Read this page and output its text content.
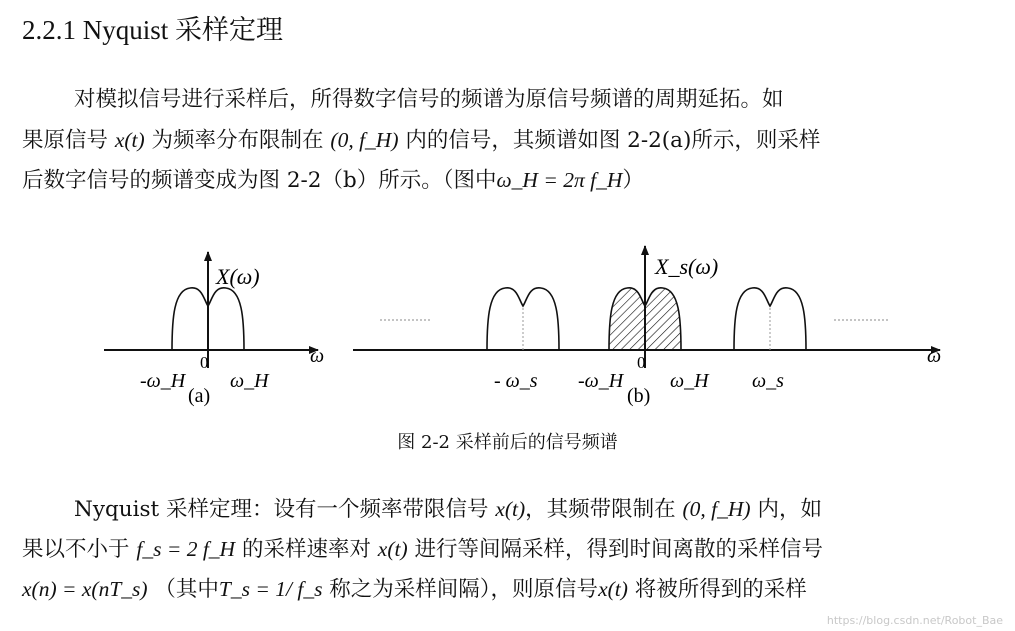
2.2.1 Nyquist 采样定理
对模拟信号进行采样后，所得数字信号的频谱为原信号频谱的周期延拓。如
果原信号 x(t) 为频率分布限制在 (0, f_H) 内的信号，其频谱如图 2-2(a)所示，则采样
后数字信号的频谱变成为图 2-2（b）所示。（图中ω_H = 2π f_H）
X(ω)
0	ω
-ω_H ω_H
(a)
X_s(ω)
0	ω
- ω_s -ω_H ω_H ω_s
(b)
图 2-2 采样前后的信号频谱
Nyquist 采样定理：设有一个频率带限信号 x(t)，其频带限制在 (0, f_H) 内，如
果以不小于 f_s = 2 f_H 的采样速率对 x(t) 进行等间隔采样，得到时间离散的采样信号
x(n) = x(nT_s) （其中T_s = 1/ f_s 称之为采样间隔），则原信号x(t) 将被所得到的采样
https://blog.csdn.net/Robot_Bae
